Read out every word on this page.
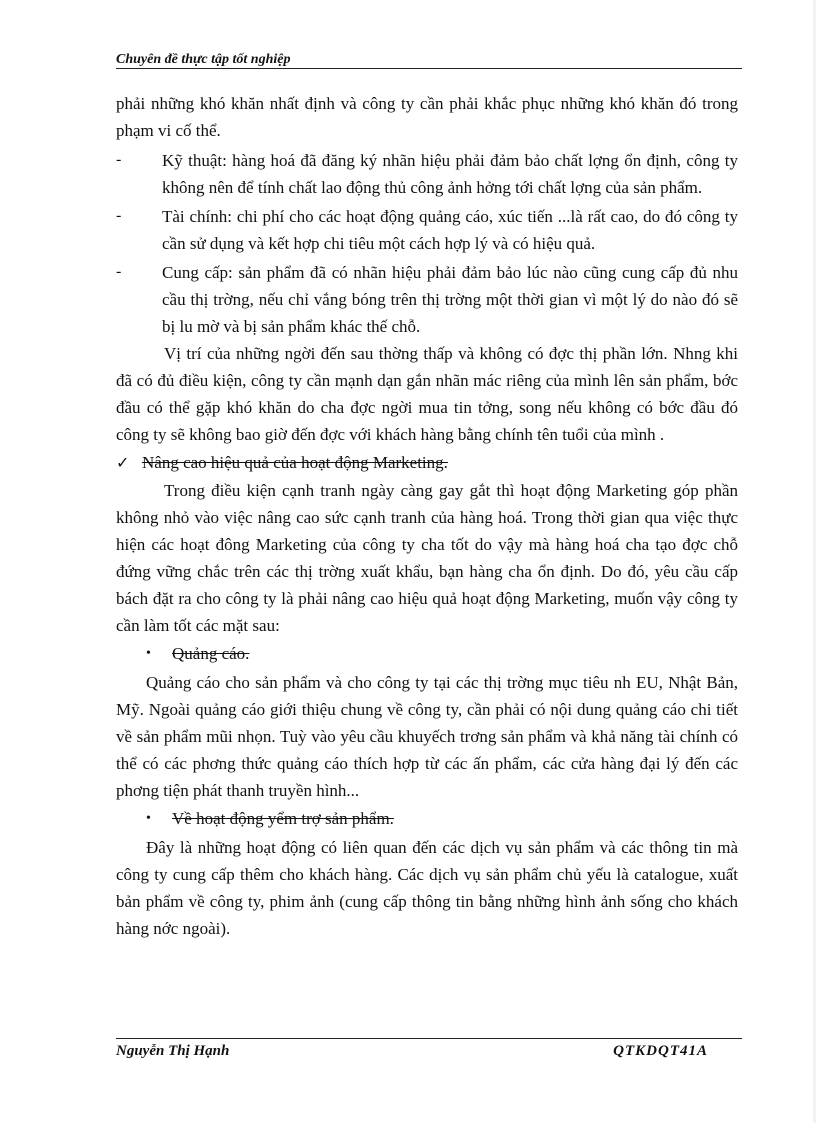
Chuyên đề thực tập tốt nghiệp

phải những khó khăn nhất định và công ty cần phải khắc phục những khó khăn đó trong phạm vi cố thể.

-	Kỹ thuật: hàng hoá đã đăng ký nhãn hiệu phải đảm bảo chất lợng ổn định, công ty không nên để tính chất lao động thủ công ảnh hởng tới chất lợng của sản phẩm.

-	Tài chính: chi phí cho các hoạt động quảng cáo, xúc tiến ...là rất cao, do đó công ty cần sử dụng và kết hợp chi tiêu một cách hợp lý và có hiệu quả.

-	Cung cấp: sản phẩm đã có nhãn hiệu phải đảm bảo lúc nào cũng cung cấp đủ nhu cầu thị trờng, nếu chỉ vắng bóng trên thị trờng một thời gian vì một lý do nào đó sẽ bị lu mờ và bị sản phẩm khác thế chỗ.

Vị trí của những ngời đến sau thờng thấp và không có đợc thị phần lớn. Nhng khi đã có đủ điều kiện, công ty cần mạnh dạn gắn nhãn mác riêng của mình lên sản phẩm, bớc đầu có thể gặp khó khăn do cha đợc ngời mua tin tởng, song nếu không có bớc đầu đó công ty sẽ không bao giờ đến đợc với khách hàng bằng chính tên tuổi của mình .

✓ Nâng cao hiệu quả của hoạt động Marketing.

Trong điều kiện cạnh tranh ngày càng gay gắt thì hoạt động Marketing góp phần không nhỏ vào việc nâng cao sức cạnh tranh của hàng hoá. Trong thời gian qua việc thực hiện các hoạt đông Marketing của công ty cha tốt do vậy mà hàng hoá cha tạo đợc chỗ đứng vững chắc trên các thị trờng xuất khẩu, bạn hàng cha ổn định. Do đó, yêu cầu cấp bách đặt ra cho công ty là phải nâng cao hiệu quả hoạt động Marketing, muốn vậy công ty cần làm tốt các mặt sau:

•	Quảng cáo.

Quảng cáo cho sản phẩm và cho công ty tại các thị trờng mục tiêu nh EU, Nhật Bản, Mỹ. Ngoài quảng cáo giới thiệu chung về công ty, cần phải có nội dung quảng cáo chi tiết về sản phẩm mũi nhọn. Tuỳ vào yêu cầu khuyếch trơng sản phẩm và khả năng tài chính có thể có các phơng thức quảng cáo thích hợp từ các ấn phẩm, các cửa hàng đại lý đến các phơng tiện phát thanh truyền hình...

•	Về hoạt động yểm trợ sản phẩm.

Đây là những hoạt động có liên quan đến các dịch vụ sản phẩm và các thông tin mà công ty cung cấp thêm cho khách hàng. Các dịch vụ sản phẩm chủ yếu là catalogue, xuất bản phẩm về công ty, phim ảnh (cung cấp thông tin bằng những hình ảnh sống cho khách hàng nớc ngoài).

Nguyễn Thị Hạnh	QTKDQT41A
